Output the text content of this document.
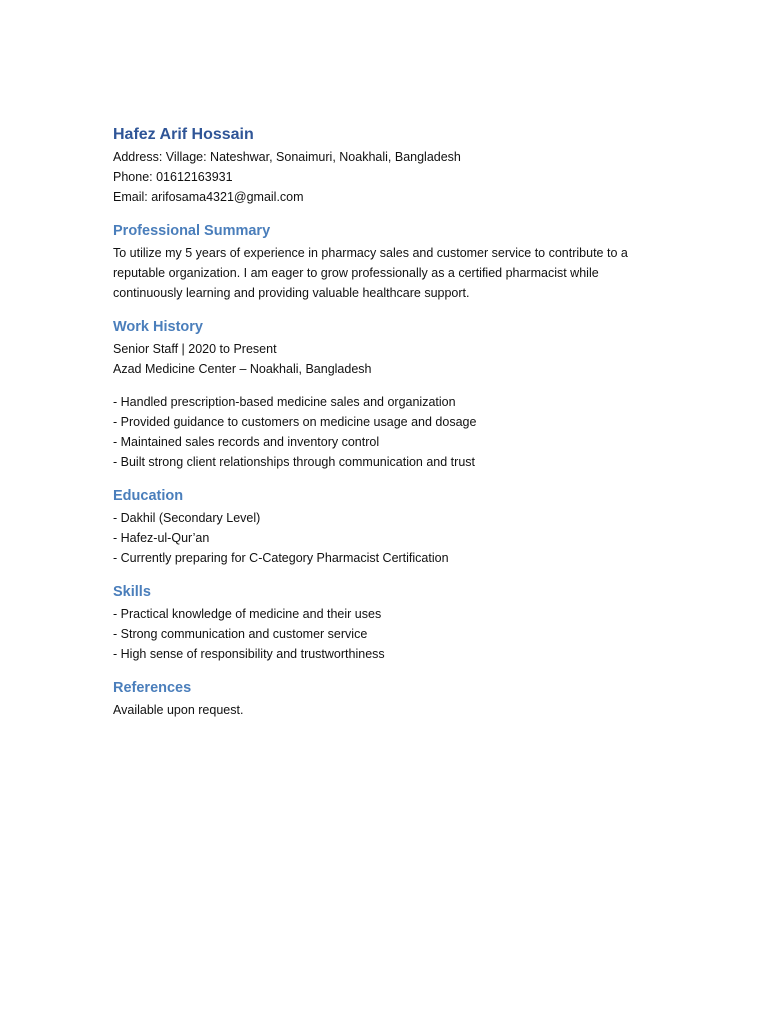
Hafez Arif Hossain

Address: Village: Nateshwar, Sonaimuri, Noakhali, Bangladesh

Phone: 01612163931

Email: arifosama4321@gmail.com

Professional Summary

To utilize my 5 years of experience in pharmacy sales and customer service to contribute to a reputable organization. I am eager to grow professionally as a certified pharmacist while continuously learning and providing valuable healthcare support.

Work History

Senior Staff | 2020 to Present

Azad Medicine Center – Noakhali, Bangladesh

- Handled prescription-based medicine sales and organization

- Provided guidance to customers on medicine usage and dosage

- Maintained sales records and inventory control

- Built strong client relationships through communication and trust

Education

- Dakhil (Secondary Level)

- Hafez-ul-Qur’an

- Currently preparing for C-Category Pharmacist Certification

Skills

- Practical knowledge of medicine and their uses

- Strong communication and customer service

- High sense of responsibility and trustworthiness

References

Available upon request.
